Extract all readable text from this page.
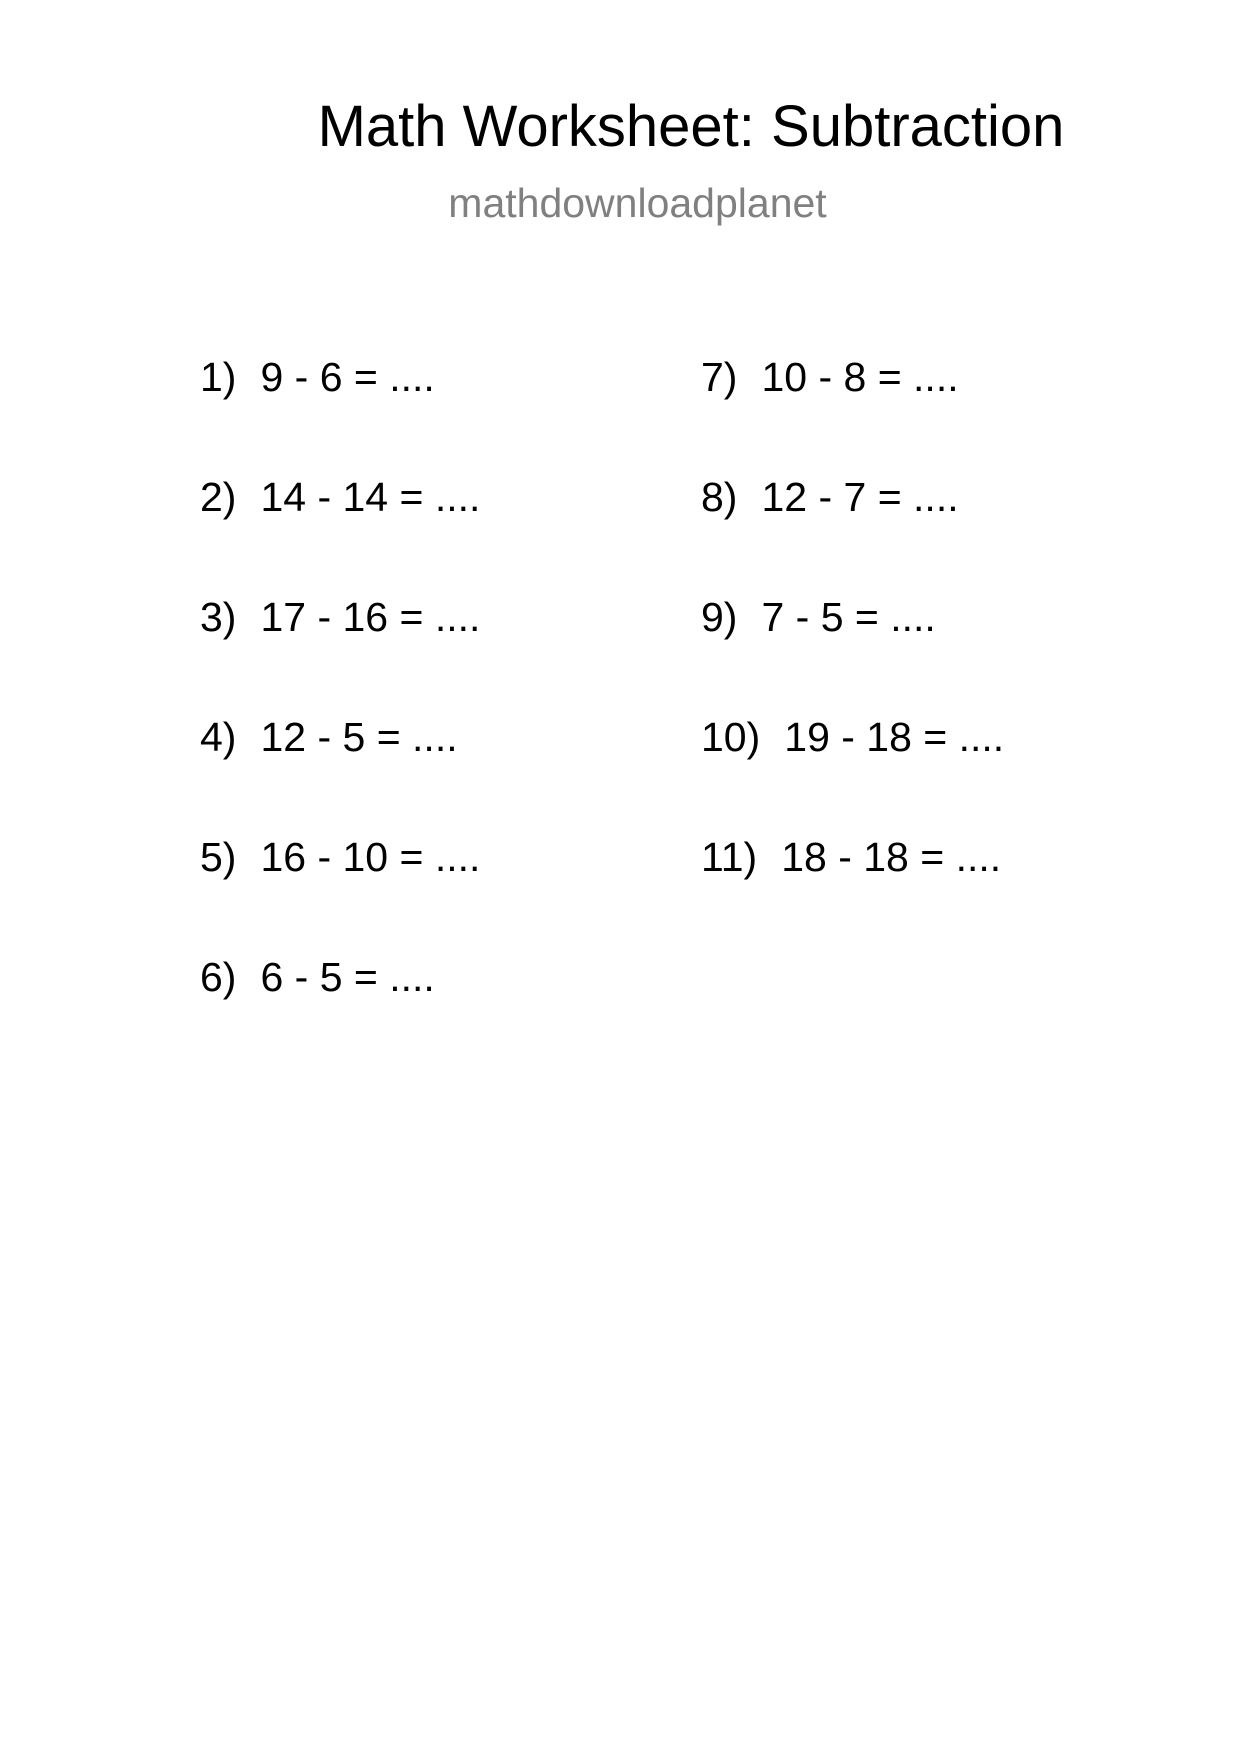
Math Worksheet: Subtraction
mathdownloadplanet
1) 9 - 6 = ....
2) 14 - 14 = ....
3) 17 - 16 = ....
4) 12 - 5 = ....
5) 16 - 10 = ....
6) 6 - 5 = ....
7) 10 - 8 = ....
8) 12 - 7 = ....
9) 7 - 5 = ....
10) 19 - 18 = ....
11) 18 - 18 = ....
